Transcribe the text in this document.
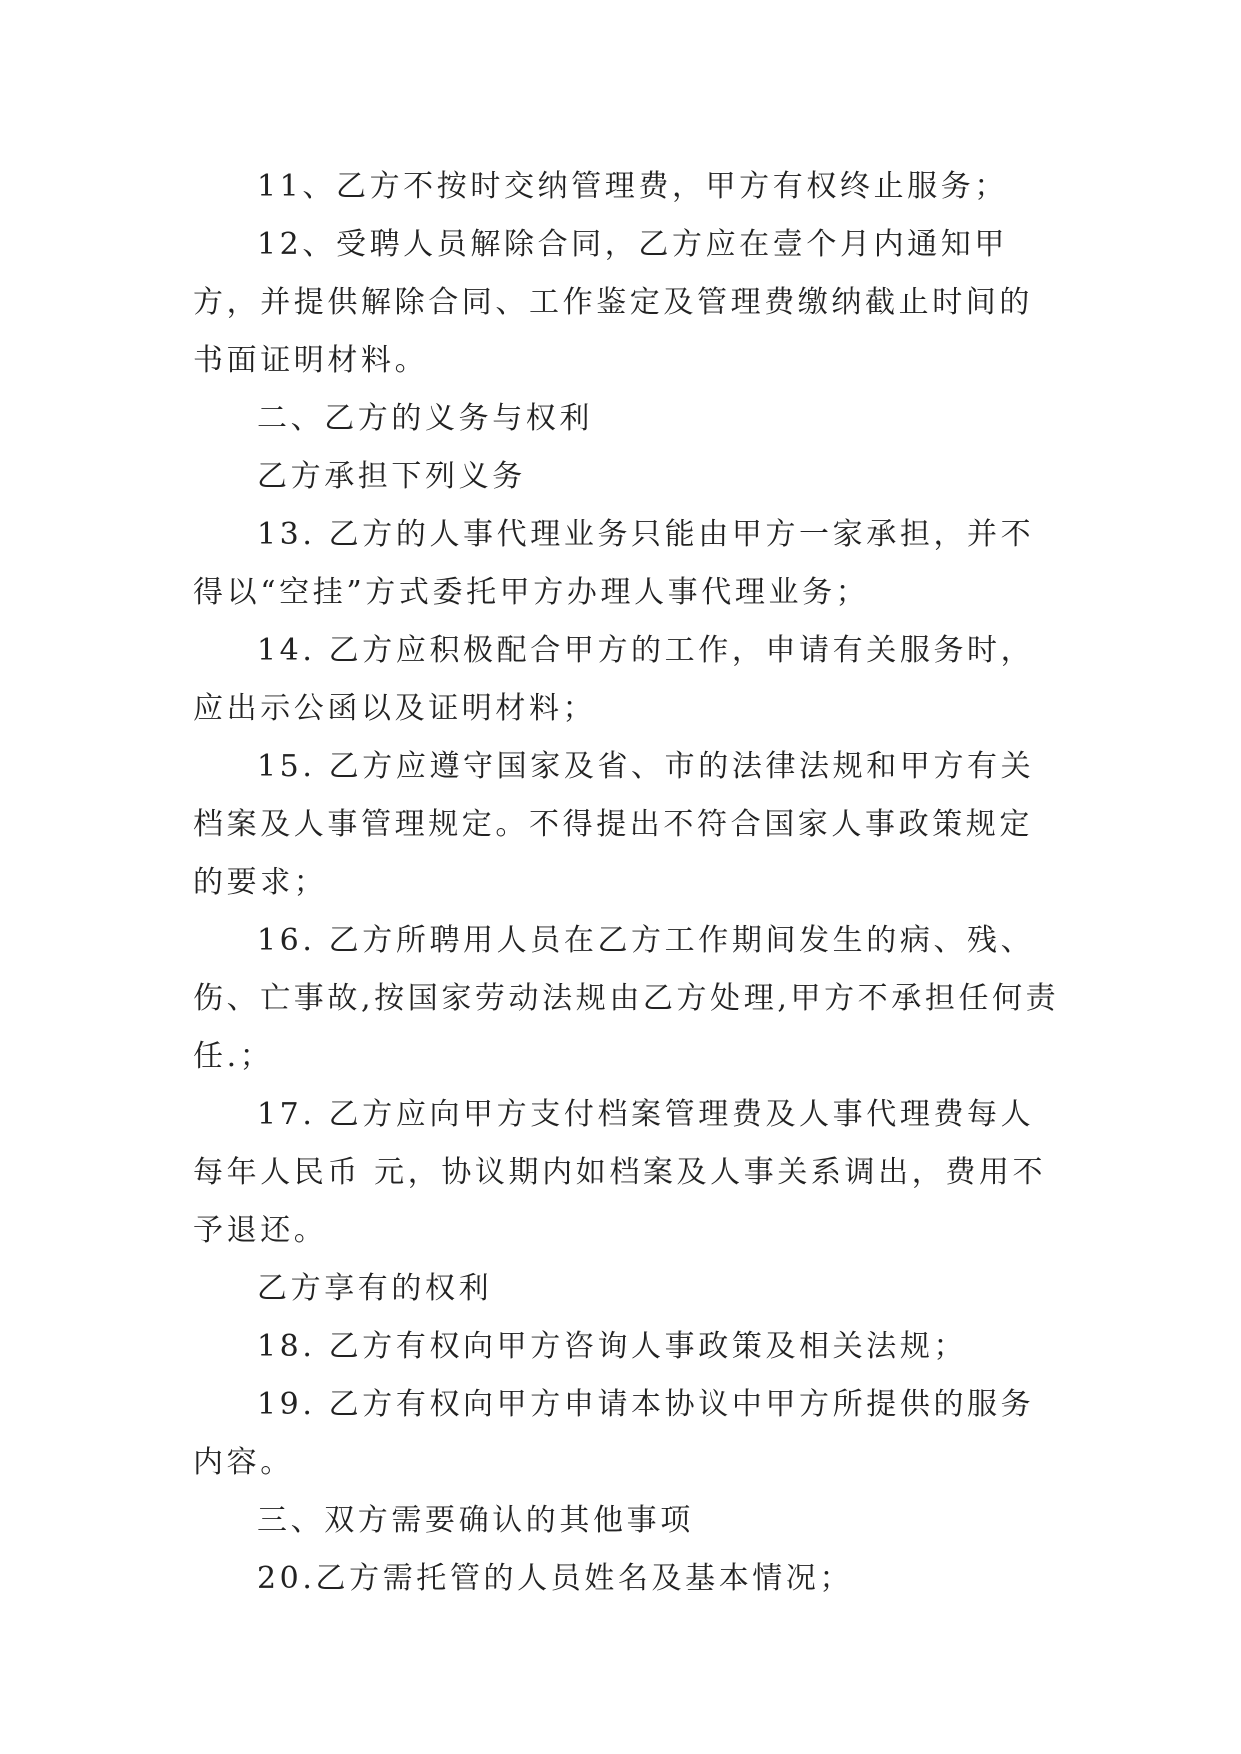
11、乙方不按时交纳管理费，甲方有权终止服务；

12、受聘人员解除合同，乙方应在壹个月内通知甲方，并提供解除合同、工作鉴定及管理费缴纳截止时间的书面证明材料。

二、乙方的义务与权利

乙方承担下列义务

13. 乙方的人事代理业务只能由甲方一家承担，并不得以“空挂”方式委托甲方办理人事代理业务；

14. 乙方应积极配合甲方的工作，申请有关服务时，应出示公函以及证明材料；

15. 乙方应遵守国家及省、市的法律法规和甲方有关档案及人事管理规定。不得提出不符合国家人事政策规定的要求；

16. 乙方所聘用人员在乙方工作期间发生的病、残、伤、亡事故,按国家劳动法规由乙方处理,甲方不承担任何责任.；

17. 乙方应向甲方支付档案管理费及人事代理费每人每年人民币 元，协议期内如档案及人事关系调出，费用不予退还。

乙方享有的权利

18. 乙方有权向甲方咨询人事政策及相关法规；

19. 乙方有权向甲方申请本协议中甲方所提供的服务内容。

三、双方需要确认的其他事项

20.乙方需托管的人员姓名及基本情况；
